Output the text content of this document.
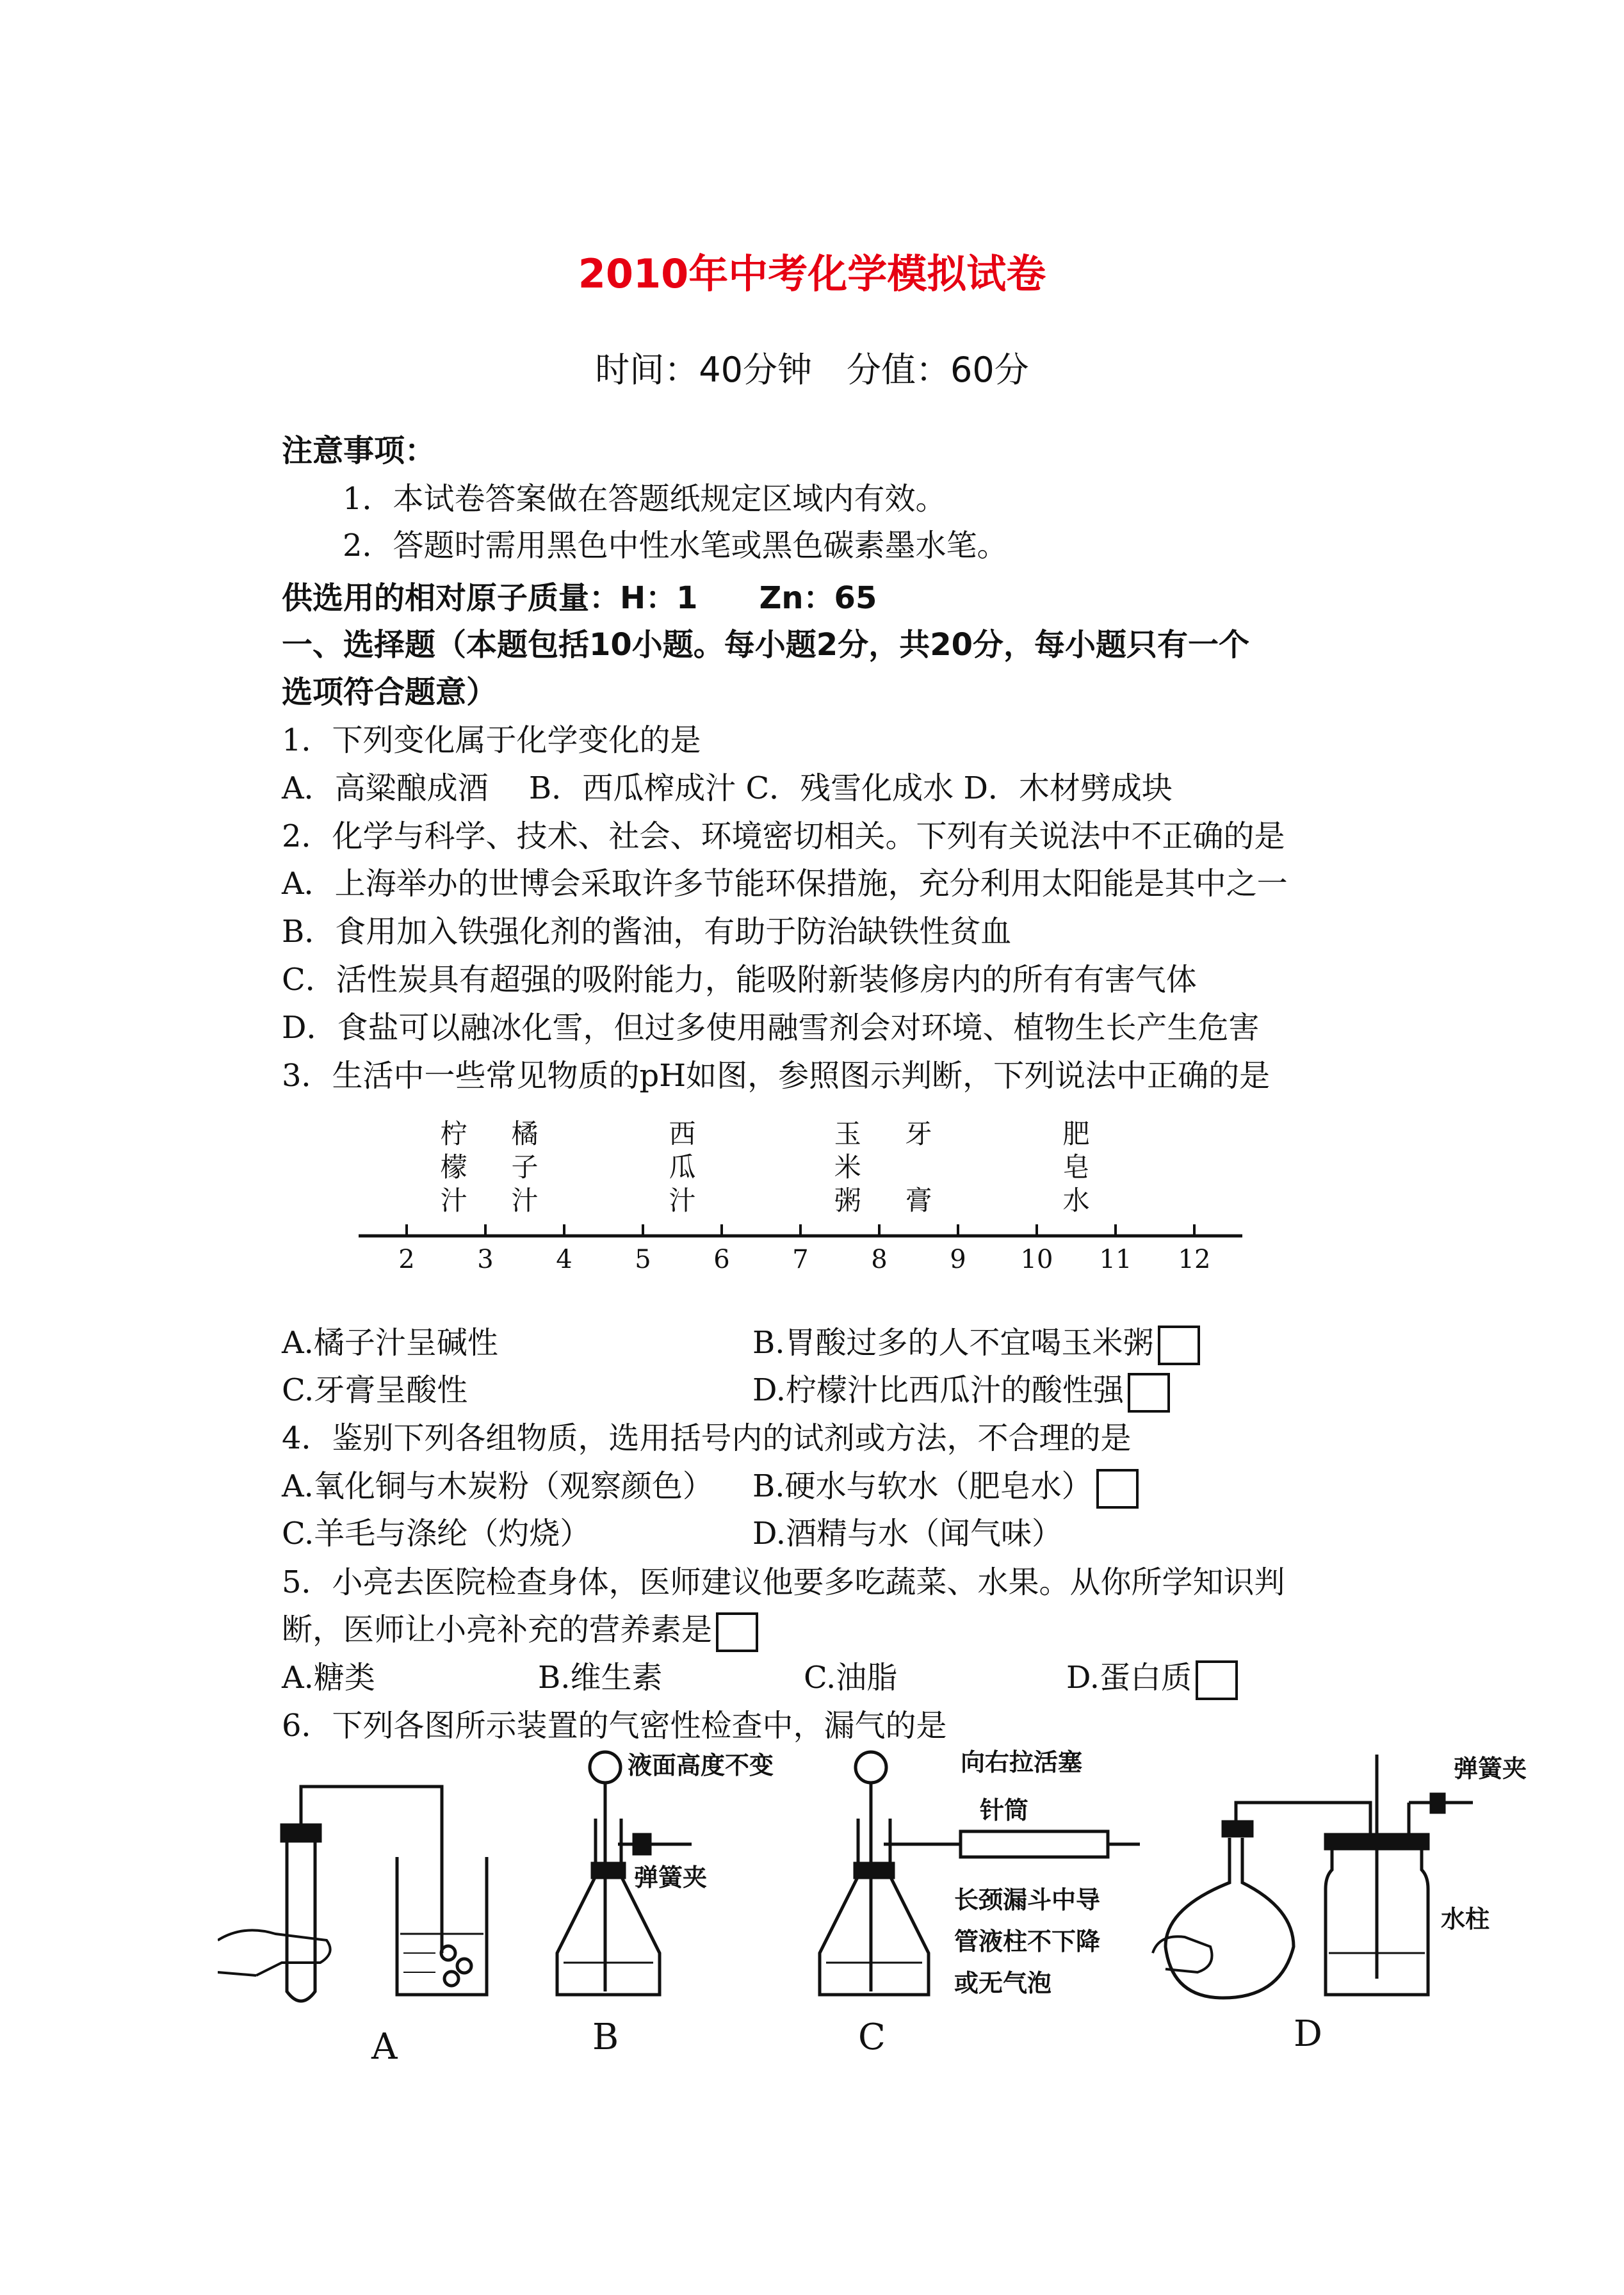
2010年中考化学模拟试卷
时间：40分钟　分值：60分
注意事项：
1．本试卷答案做在答题纸规定区域内有效。
2．答题时需用黑色中性水笔或黑色碳素墨水笔。
供选用的相对原子质量：H：1　　Zn：65
一、选择题（本题包括10小题。每小题2分，共20分，每小题只有一个
选项符合题意）
1．下列变化属于化学变化的是
A．高粱酿成酒　 B．西瓜榨成汁 C．残雪化成水 D．木材劈成块
2．化学与科学、技术、社会、环境密切相关。下列有关说法中不正确的是
A．上海举办的世博会采取许多节能环保措施，充分利用太阳能是其中之一
B．食用加入铁强化剂的酱油，有助于防治缺铁性贫血
C．活性炭具有超强的吸附能力，能吸附新装修房内的所有有害气体
D．食盐可以融冰化雪，但过多使用融雪剂会对环境、植物生长产生危害
3．生活中一些常见物质的pH如图，参照图示判断，下列说法中正确的是
2 3 4 5 6 7 8 9 10 11 12
柠
檬
汁
橘
子
汁
西
瓜
汁
玉
米
粥
牙
膏
肥
皂
水
A.橘子汁呈碱性	B.胃酸过多的人不宜喝玉米粥
C.牙膏呈酸性	D.柠檬汁比西瓜汁的酸性强
4．鉴别下列各组物质，选用括号内的试剂或方法，不合理的是
A.氧化铜与木炭粉（观察颜色） B.硬水与软水（肥皂水）
C.羊毛与涤纶（灼烧）	D.酒精与水（闻气味）
5．小亮去医院检查身体，医师建议他要多吃蔬菜、水果。从你所学知识判
断，医师让小亮补充的营养素是
A.糖类	B.维生素	C.油脂	D.蛋白质
6．下列各图所示装置的气密性检查中，漏气的是
A
液面高度不变
弹簧夹
B
向右拉活塞
针筒
长颈漏斗中导
管液柱不下降
或无气泡
C
弹簧夹
水柱
D
